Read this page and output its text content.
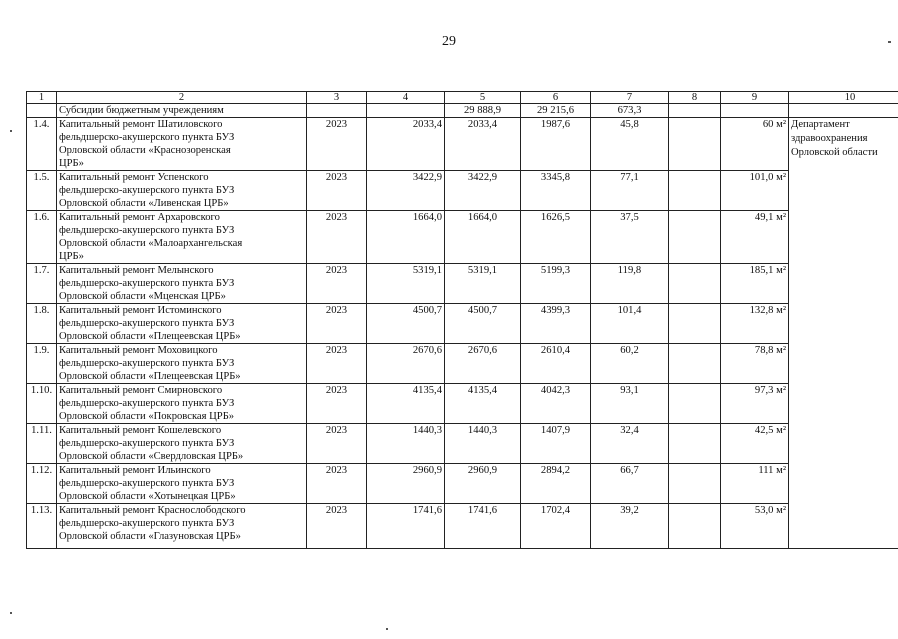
29
1	2	3	4	5	6	7	8	9	10
	Субсидии бюджетным учреждениям			29 888,9	29 215,6	673,3			
1.4.	Капитальный ремонт Шатиловского
фельдшерско-акушерского пункта БУЗ
Орловской области «Краснозоренская
ЦРБ»	2023	2033,4	2033,4	1987,6	45,8		60 м²	Департамент здравоохранения Орловской области
1.5.	Капитальный ремонт Успенского
фельдшерско-акушерского пункта БУЗ
Орловской области «Ливенская ЦРБ»	2023	3422,9	3422,9	3345,8	77,1		101,0 м²	
1.6.	Капитальный ремонт Архаровского
фельдшерско-акушерского пункта БУЗ
Орловской области «Малоархангельская
ЦРБ»	2023	1664,0	1664,0	1626,5	37,5		49,1 м²	
1.7.	Капитальный ремонт Мелынского
фельдшерско-акушерского пункта БУЗ
Орловской области «Мценская ЦРБ»	2023	5319,1	5319,1	5199,3	119,8		185,1 м²	
1.8.	Капитальный ремонт Истоминского
фельдшерско-акушерского пункта БУЗ
Орловской области «Плещеевская ЦРБ»	2023	4500,7	4500,7	4399,3	101,4		132,8 м²	
1.9.	Капитальный ремонт Моховицкого
фельдшерско-акушерского пункта БУЗ
Орловской области «Плещеевская ЦРБ»	2023	2670,6	2670,6	2610,4	60,2		78,8 м²	
1.10.	Капитальный ремонт Смирновского
фельдшерско-акушерского пункта БУЗ
Орловской области «Покровская ЦРБ»	2023	4135,4	4135,4	4042,3	93,1		97,3 м²	
1.11.	Капитальный ремонт Кошелевского
фельдшерско-акушерского пункта БУЗ
Орловской области «Свердловская ЦРБ»	2023	1440,3	1440,3	1407,9	32,4		42,5 м²	
1.12.	Капитальный ремонт Ильинского
фельдшерско-акушерского пункта БУЗ
Орловской области «Хотынецкая ЦРБ»	2023	2960,9	2960,9	2894,2	66,7		111 м²	
1.13.	Капитальный ремонт Краснослободского
фельдшерско-акушерского пункта БУЗ
Орловской области «Глазуновская ЦРБ»	2023	1741,6	1741,6	1702,4	39,2		53,0 м²	
